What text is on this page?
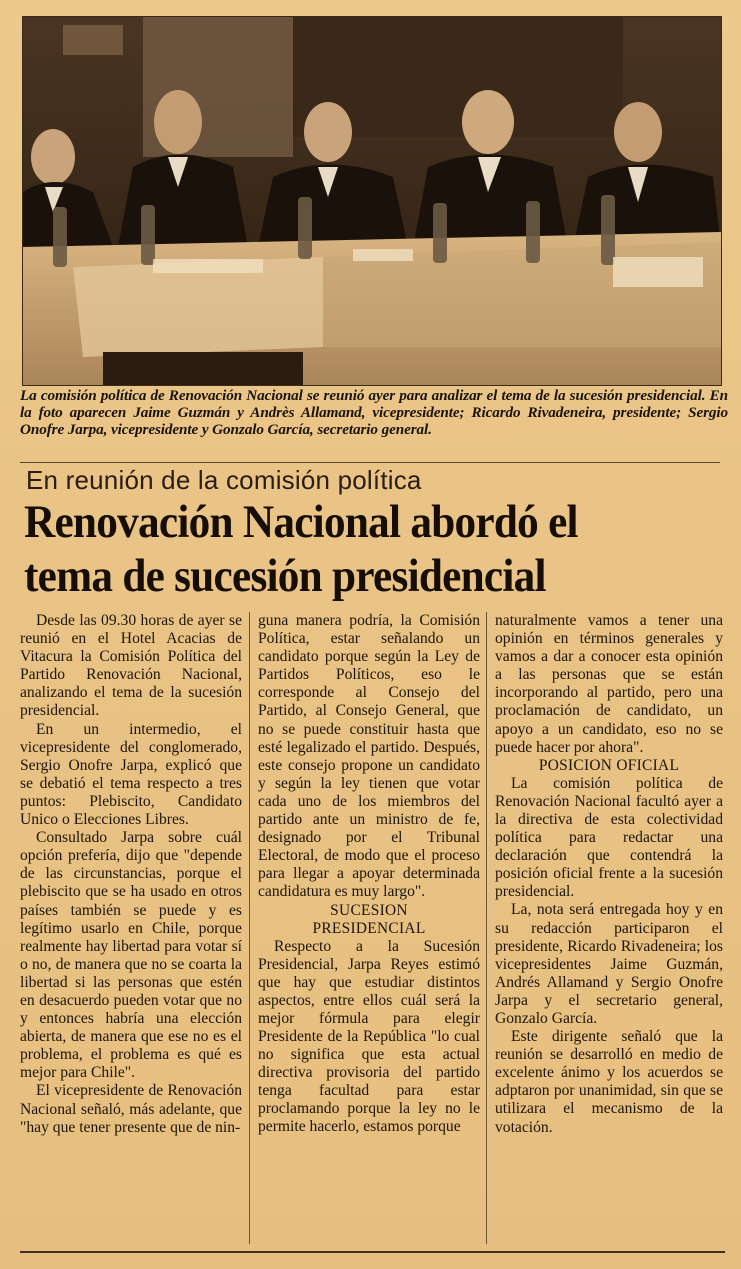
La comisión política de Renovación Nacional se reunió ayer para analizar el tema de la sucesión presidencial. En la foto aparecen Jaime Guzmán y Andrès Allamand, vicepresidente; Ricardo Rivadeneira, presidente; Sergio Onofre Jarpa, vicepresidente y Gonzalo García, secretario general.
En reunión de la comisión política
Renovación Nacional abordó el
tema de sucesión presidencial

Desde las 09.30 horas de ayer se reunió en el Hotel Acacias de Vitacura la Comisión Política del Partido Renovación Nacional, analizando el tema de la sucesión presidencial.

En un intermedio, el vicepresidente del conglomerado, Sergio Onofre Jarpa, explicó que se debatió el tema respecto a tres puntos: Plebiscito, Candidato Unico o Elecciones Libres.

Consultado Jarpa sobre cuál opción prefería, dijo que "depende de las circunstancias, porque el plebiscito que se ha usado en otros países también se puede y es legítimo usarlo en Chile, porque realmente hay libertad para votar sí o no, de manera que no se coarta la libertad si las personas que estén en desacuerdo pueden votar que no y entonces habría una elección abierta, de manera que ese no es el problema, el problema es qué es mejor para Chile".

El vicepresidente de Renovación Nacional señaló, más adelante, que "hay que tener presente que de nin-

guna manera podría, la Comisión Política, estar señalando un candidato porque según la Ley de Partidos Políticos, eso le corresponde al Consejo del Partido, al Consejo General, que no se puede constituir hasta que esté legalizado el partido. Después, este consejo propone un candidato y según la ley tienen que votar cada uno de los miembros del partido ante un ministro de fe, designado por el Tribunal Electoral, de modo que el proceso para llegar a apoyar determinada candidatura es muy largo".

SUCESION
PRESIDENCIAL

Respecto a la Sucesión Presidencial, Jarpa Reyes estimó que hay que estudiar distintos aspectos, entre ellos cuál será la mejor fórmula para elegir Presidente de la República "lo cual no significa que esta actual directiva provisoria del partido tenga facultad para estar proclamando porque la ley no le permite hacerlo, estamos porque

naturalmente vamos a tener una opinión en términos generales y vamos a dar a conocer esta opinión a las personas que se están incorporando al partido, pero una proclamación de candidato, un apoyo a un candidato, eso no se puede hacer por ahora".

POSICION OFICIAL

La comisión política de Renovación Nacional facultó ayer a la directiva de esta colectividad política para redactar una declaración que contendrá la posición oficial frente a la sucesión presidencial.

La, nota será entregada hoy y en su redacción participaron el presidente, Ricardo Rivadeneira; los vicepresidentes Jaime Guzmán, Andrés Allamand y Sergio Onofre Jarpa y el secretario general, Gonzalo García.

Este dirigente señaló que la reunión se desarrolló en medio de excelente ánimo y los acuerdos se adptaron por unanimidad, sin que se utilizara el mecanismo de la votación.
